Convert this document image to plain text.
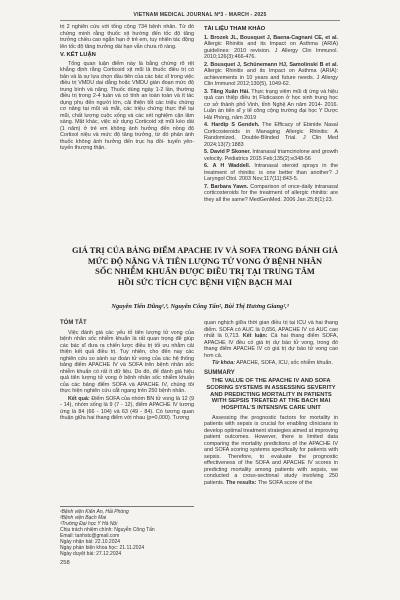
VIETNAM MEDICAL JOURNAL Nº3 - MARCH - 2025

trị 2 nghiên cứu với tổng cộng 734 bệnh nhân. Từ đó chứng minh rằng thuốc xịt hướng đến tốc độ tăng trưởng chiều cao ngắn hạn ở trẻ em, tuy nhiên tác động lên tốc độ tăng trưởng dài hạn vẫn chưa rõ ràng.

V. KẾT LUẬN

Tổng quan luận điểm này là bằng chứng rõ rệt khẳng định rằng Corticoid xịt mũi là thuốc điều trị có bản và là sự lựa chọn đầu tiên của các bác sĩ trong việc điều trị VMDU dai dẳng hoặc VMDU gián đoạn mức độ trung bình và nặng. Thuốc dùng ngày 1-2 lần, thường điều trị trong 2-4 tuần và có tính an toàn toàn và ít tác dụng phụ đến người lớn, cải thiện tốt các triệu chứng cơ năng tại mũi và mắt, các triệu chứng thực thể tại mũi, chất lượng cuộc sống và các xét nghiệm cận lâm sàng. Mặt khác, việc sử dụng Corticoid xịt mũi kéo dài (1 năm) ở trẻ em không ảnh hưởng đến nồng độ Cortisol niệu và mức độ tăng trưởng, từ đó phản ánh thuốc không ảnh hưởng đến trục hạ đồi- tuyến yên- tuyến thượng thận.

TÀI LIỆU THAM KHẢO
1. Brozek JL, Bousquet J, Baena-Cagnani CE, et al. Allergic Rhinitis and its Impact on Asthma (ARIA) guidelines: 2010 revision. J Allergy Clin Immunol. 2010;126(3):466-476.
2. Bousquet J, Schünemann HJ, Samolinski B et al. Allergic Rhinitis and its Impact on Asthma (ARIA): achievements in 10 years and future needs. J Allergy Clin Immunol 2012;130(5), 1049-62.
3. Tăng Xuân Hải. Thực trạng viêm mũi dị ứng và hiệu quả can thiệp điều trị Fluticason ở học sinh trung học cơ sở thành phố Vinh, tỉnh Nghệ An năm 2014- 2016. Luận án tiến sĩ y tế công cộng trường đại học Y Dược Hải Phòng, năm 2019
4. Hardip S Gendeh. The Efficacy of Ebinide Nasal Corticosteroids in Managing Allergic Rhinitis: A Randomized, Double-Blinded Trial. J Clin Med 2024;13(7):1883
5. David P Skoner. Intranasal triamcinolone and growth velocity. Pediatrics 2015 Feb;135(2):e348-56
6. A H Waddell. Intranasal steroid sprays in the treatment of rhinitis: is one better than another? J Laryngol Otol. 2003 Nov;117(11):843-5.
7. Barbara Yawn. Comparison of once-daily intranasal corticosteroids for the treatment of allergic rhinitis: are they all the same? MedGenMed. 2006 Jan 25;8(1):23.
GIÁ TRỊ CỦA BẢNG ĐIỂM APACHE IV VÀ SOFA TRONG ĐÁNH GIÁ
MỨC ĐỘ NẶNG VÀ TIÊN LƯỢNG TỬ VONG Ở BỆNH NHÂN
SỐC NHIỄM KHUẨN ĐƯỢC ĐIỀU TRỊ TẠI TRUNG TÂM
HỒI SỨC TÍCH CỰC BỆNH VIỆN BẠCH MAI
Nguyễn Tiến Dũng¹,³, Nguyễn Công Tấn², Bùi Thị Hương Giang²,³
TÓM TẮT

Việc đánh giá các yếu tố tiên lượng tử vong của bệnh nhân sốc nhiễm khuẩn là rất quan trọng để giúp các bác sĩ đưa ra chiến lược điều trị tối ưu nhằm cải thiện kết quả điều trị. Tuy nhiên, cho đến nay các nghiên cứu so sánh sự đoán tử vong của các hệ thống bảng điểm APACHE IV và SOFA trên bệnh nhân sốc nhiễm khuẩn có rất ít dữ liệu. Do đó, để đánh giá hiệu quả tiên lượng tử vong ở bệnh nhân sốc nhiễm khuẩn của các bảng điểm SOFA và APACHE IV, chúng tôi thực hiện nghiên cứu cắt ngang trên 250 bệnh nhân.

Kết quả: Điểm SOFA của nhóm BN tử vong là 12 (9 - 14), nhóm sống là 9 (7 - 12), điểm APACHE IV tương ứng là 84 (66 - 104) và 63 (49 - 84). Có tương quan thuận giữa hai thang điểm với nhau (p=0,000). Tương

quan nghịch giữa thời gian điều trị tại ICU và hai thang điểm. SOFA có AUC là 0,656, APACHE IV có AUC cao nhất là 0,713. Kết luận: Cả hai thang điểm SOFA, APACHE IV đều có giá trị dự báo tử vong, trong đó thang điểm APACHE IV có giá trị dự báo tử vong cao hơn cả.

Từ khóa: APACHE, SOFA, ICU, sốc nhiễm khuẩn.
SUMMARY
THE VALUE OF THE APACHE IV AND SOFA
SCORING SYSTEMS IN ASSESSING SEVERITY
AND PREDICTING MORTALITY IN PATIENTS
WITH SEPSIS TREATED AT THE BACH MAI
HOSPITAL'S INTENSIVE CARE UNIT

Assessing the prognostic factors for mortality in patients with sepsis is crucial for enabling clinicians to develop optimal treatment strategies aimed at improving patient outcomes. However, there is limited data comparing the mortality predictions of the APACHE IV and SOFA scoring systems specifically for patients with sepsis. Therefore, to evaluate the prognostic effectiveness of the SOFA and APACHE IV scores in predicting mortality among patients with sepsis, we conducted a cross-sectional study involving 250 patients. The results: The SOFA score of the

¹Bệnh viện Kiến An, Hải Phòng
²Bệnh viện Bạch Mai
³Trường Đại học Y Hà Nội
Chịu trách nhiệm chính: Nguyễn Công Tấn
Email: tanhstc@gmail.com
Ngày nhận bài: 22.10.2024
Ngày phản biện khoa học: 21.11.2024
Ngày duyệt bài: 27.12.2024
258
